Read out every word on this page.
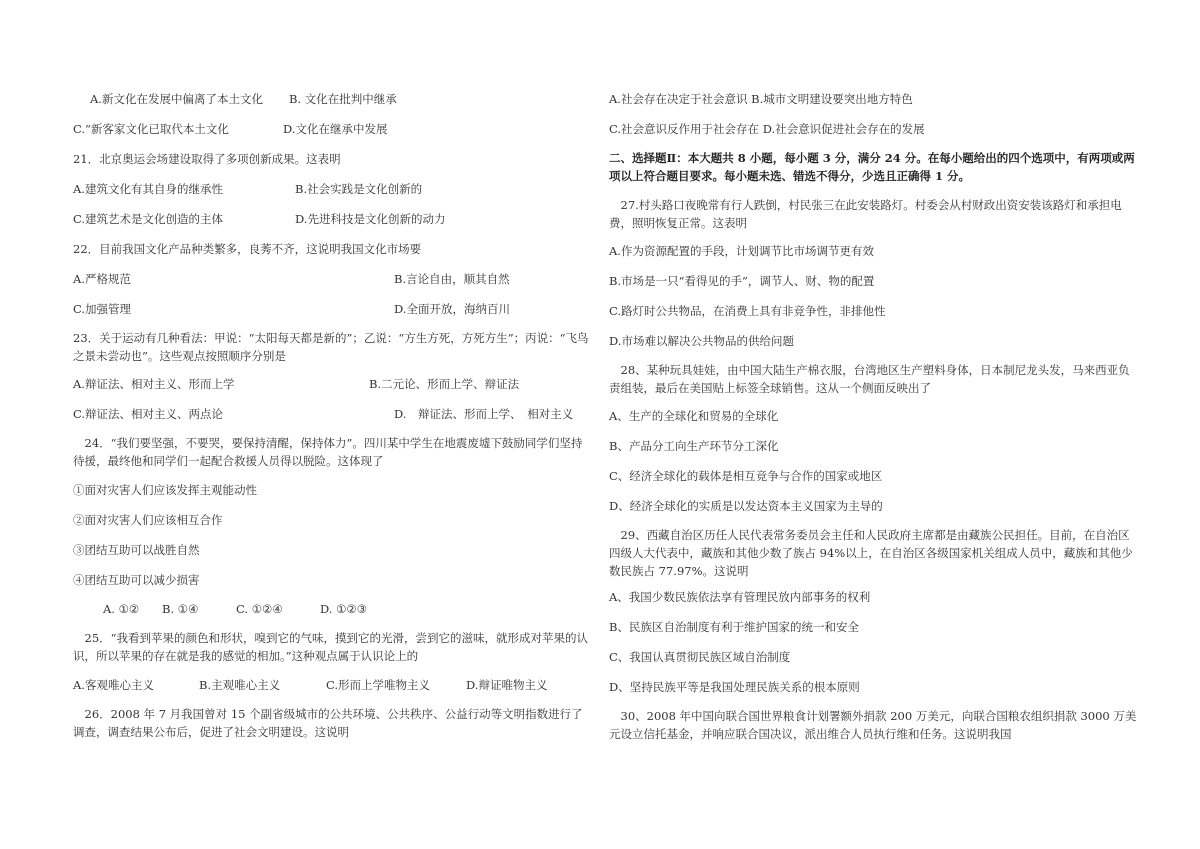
A.新文化在发展中偏离了本土文化 B. 文化在批判中继承
C.“新客家文化已取代本土文化	D.文化在继承中发展
21．北京奥运会场建设取得了多项创新成果。这表明
A.建筑文化有其自身的继承性	B.社会实践是文化创新的
C.建筑艺术是文化创造的主体	D.先进科技是文化创新的动力
22．目前我国文化产品种类繁多，良莠不齐，这说明我国文化市场要
A.严格规范	B.言论自由，顺其自然
C.加强管理	D.全面开放，海纳百川
23．关于运动有几种看法：甲说：“太阳每天都是新的”；乙说：“方生方死，方死方生”；丙说：“飞鸟之景未尝动也”。这些观点按照顺序分别是
A.辩证法、相对主义、形而上学	B.二元论、形而上学、辩证法
C.辩证法、相对主义、两点论	D.　辩证法、形而上学、　相对主义
24．“我们要坚强，不要哭，要保持清醒，保持体力”。四川某中学生在地震废墟下鼓励同学们坚持待援，最终他和同学们一起配合救援人员得以脱险。这体现了
①面对灾害人们应该发挥主观能动性
②面对灾害人们应该相互合作
③团结互助可以战胜自然
④团结互助可以减少损害
A. ①② B. ①④	C. ①②④	D. ①②③
25．“我看到苹果的颜色和形状，嗅到它的气味，摸到它的光滑，尝到它的滋味，就形成对苹果的认识，所以苹果的存在就是我的感觉的相加。”这种观点属于认识论上的
A.客观唯心主义	B.主观唯心主义	C.形而上学唯物主义	D.辩证唯物主义
26．2008 年 7 月我国曾对 15 个副省级城市的公共环境、公共秩序、公益行动等文明指数进行了调查，调查结果公布后，促进了社会文明建设。这说明
A.社会存在决定于社会意识 B.城市文明建设要突出地方特色
C.社会意识反作用于社会存在 D.社会意识促进社会存在的发展
二、选择题Ⅱ：本大题共 8 小题，每小题 3 分，满分 24 分。在每小题给出的四个选项中，有两项或两项以上符合题目要求。每小题未选、错选不得分，少选且正确得 1 分。
27.村头路口夜晚常有行人跌倒，村民张三在此安装路灯。村委会从村财政出资安装该路灯和承担电费，照明恢复正常。这表明
A.作为资源配置的手段，计划调节比市场调节更有效
B.市场是一只“看得见的手”，调节人、财、物的配置
C.路灯时公共物品，在消费上具有非竞争性，非排他性
D.市场难以解决公共物品的供给问题
28、某种玩具娃娃，由中国大陆生产棉衣服，台湾地区生产塑料身体，日本制尼龙头发，马来西亚负责组装，最后在美国贴上标签全球销售。这从一个侧面反映出了
A、生产的全球化和贸易的全球化
B、产品分工向生产环节分工深化
C、经济全球化的载体是相互竞争与合作的国家或地区
D、经济全球化的实质是以发达资本主义国家为主导的
29、西藏自治区历任人民代表常务委员会主任和人民政府主席都是由藏族公民担任。目前，在自治区四级人大代表中，藏族和其他少数了族占 94%以上，在自治区各级国家机关组成人员中，藏族和其他少数民族占 77.97%。这说明
A、我国少数民族依法享有管理民放内部事务的权利
B、民族区自治制度有利于维护国家的统一和安全
C、我国认真贯彻民族区域自治制度
D、坚持民族平等是我国处理民族关系的根本原则
30、2008 年中国向联合国世界粮食计划署额外捐款 200 万美元，向联合国粮农组织捐款 3000 万美元设立信托基金，并响应联合国决议，派出维合人员执行维和任务。这说明我国
